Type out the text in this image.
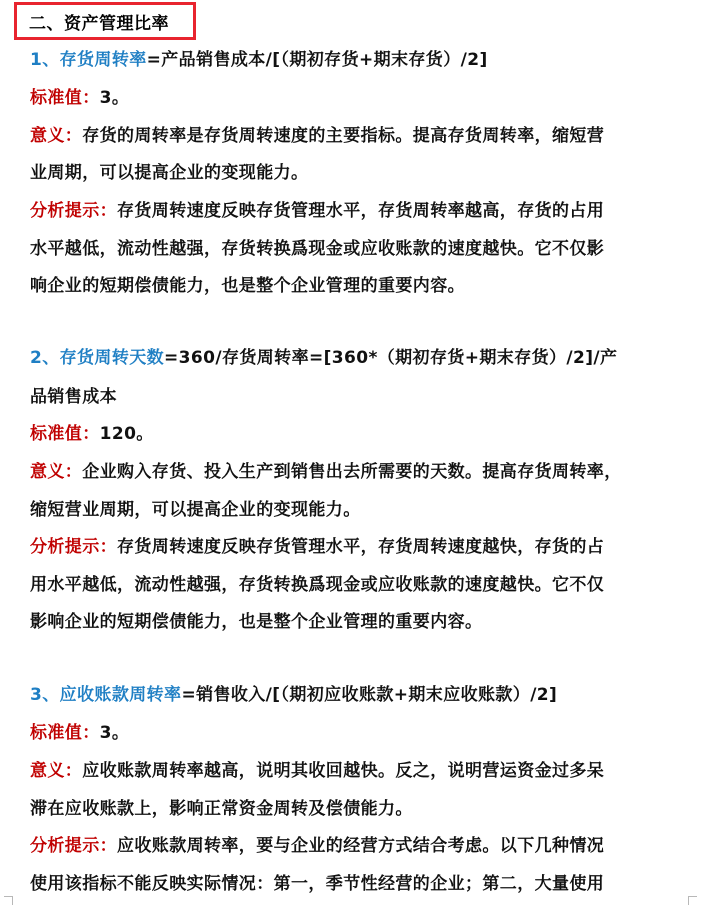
二、资产管理比率
1、存货周转率=产品销售成本/[（期初存货+期末存货）/2]
标准值：3。
意义：存货的周转率是存货周转速度的主要指标。提高存货周转率，缩短营
业周期，可以提高企业的变现能力。
分析提示：存货周转速度反映存货管理水平，存货周转率越高，存货的占用
水平越低，流动性越强，存货转换爲现金或应收账款的速度越快。它不仅影
响企业的短期偿债能力，也是整个企业管理的重要内容。
2、存货周转天数=360/存货周转率=[360*（期初存货+期末存货）/2]/产
品销售成本
标准值：120。
意义：企业购入存货、投入生产到销售出去所需要的天数。提高存货周转率，
缩短营业周期，可以提高企业的变现能力。
分析提示：存货周转速度反映存货管理水平，存货周转速度越快，存货的占
用水平越低，流动性越强，存货转换爲现金或应收账款的速度越快。它不仅
影响企业的短期偿债能力，也是整个企业管理的重要内容。
3、应收账款周转率=销售收入/[（期初应收账款+期末应收账款）/2]
标准值：3。
意义：应收账款周转率越高，说明其收回越快。反之，说明营运资金过多呆
滞在应收账款上，影响正常资金周转及偿债能力。
分析提示：应收账款周转率，要与企业的经营方式结合考虑。以下几种情况
使用该指标不能反映实际情况：第一，季节性经营的企业；第二，大量使用
